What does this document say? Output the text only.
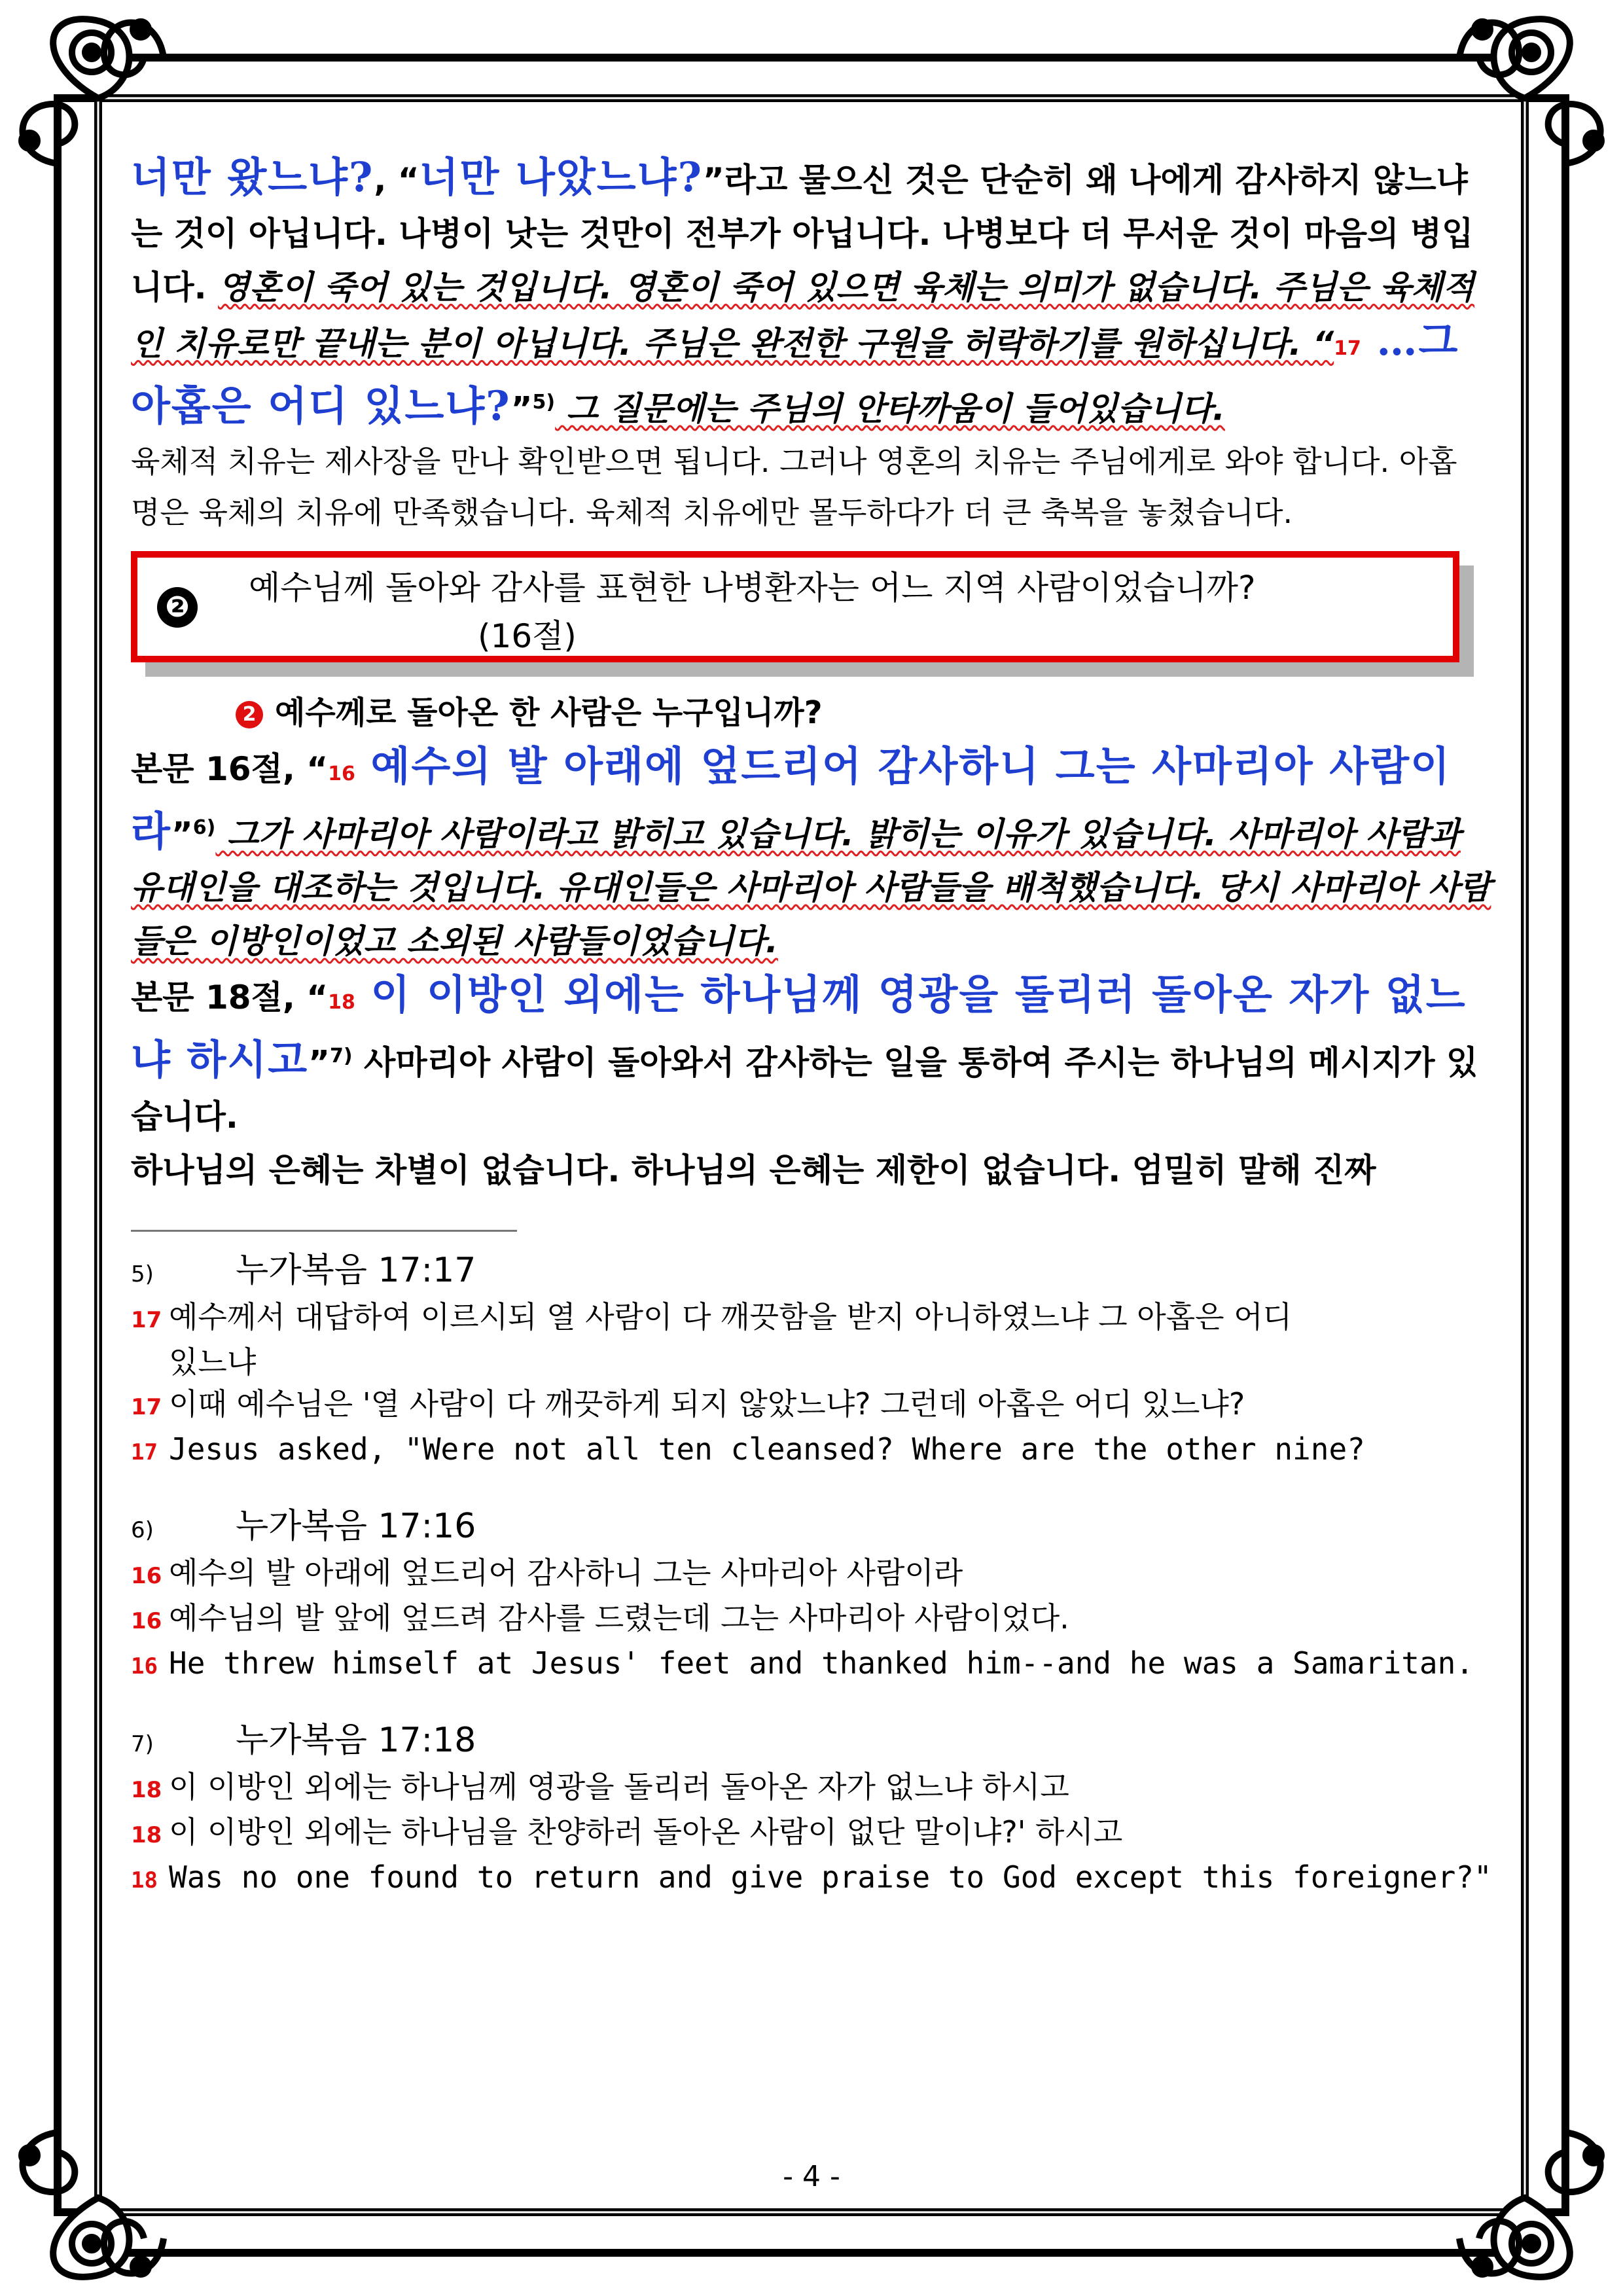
너만 왔느냐?, “너만 나았느냐?”라고 물으신 것은 단순히 왜 나에게 감사하지 않느냐는 것이 아닙니다. 나병이 낫는 것만이 전부가 아닙니다. 나병보다 더 무서운 것이 마음의 병입니다. 영혼이 죽어 있는 것입니다. 영혼이 죽어 있으면 육체는 의미가 없습니다. 주님은 육체적인 치유로만 끝내는 분이 아닙니다. 주님은 완전한 구원을 허락하기를 원하십니다. “17 …그 아홉은 어디 있느냐?”$^{5)}$ 그 질문에는 주님의 안타까움이 들어있습니다.

육체적 치유는 제사장을 만나 확인받으면 됩니다. 그러나 영혼의 치유는 주님에게로 와야 합니다. 아홉 명은 육체의 치유에 만족했습니다. 육체적 치유에만 몰두하다가 더 큰 축복을 놓쳤습니다.

❷
예수님께 돌아와 감사를 표현한 나병환자는 어느 지역 사람이었습니까?
(16절)
2 예수께로 돌아온 한 사람은 누구입니까?

본문 16절, “16 예수의 발 아래에 엎드리어 감사하니 그는 사마리아 사람이라”$^{6)}$ 그가 사마리아 사람이라고 밝히고 있습니다. 밝히는 이유가 있습니다. 사마리아 사람과 유대인을 대조하는 것입니다. 유대인들은 사마리아 사람들을 배척했습니다. 당시 사마리아 사람들은 이방인이었고 소외된 사람들이었습니다.

본문 18절, “18 이 이방인 외에는 하나님께 영광을 돌리러 돌아온 자가 없느냐 하시고”$^{7)}$ 사마리아 사람이 돌아와서 감사하는 일을 통하여 주시는 하나님의 메시지가 있습니다.

하나님의 은혜는 차별이 없습니다. 하나님의 은혜는 제한이 없습니다. 엄밀히 말해 진짜

5) 누가복음 17:17
17 예수께서 대답하여 이르시되 열 사람이 다 깨끗함을 받지 아니하였느냐 그 아홉은 어디
있느냐
17 이때 예수님은 '열 사람이 다 깨끗하게 되지 않았느냐? 그런데 아홉은 어디 있느냐?
17 Jesus asked, "Were not all ten cleansed? Where are the other nine?
6) 누가복음 17:16
16 예수의 발 아래에 엎드리어 감사하니 그는 사마리아 사람이라
16 예수님의 발 앞에 엎드려 감사를 드렸는데 그는 사마리아 사람이었다.
16 He threw himself at Jesus' feet and thanked him--and he was a Samaritan.
7) 누가복음 17:18
18 이 이방인 외에는 하나님께 영광을 돌리러 돌아온 자가 없느냐 하시고
18 이 이방인 외에는 하나님을 찬양하러 돌아온 사람이 없단 말이냐?' 하시고
18 Was no one found to return and give praise to God except this foreigner?"
- 4 -
